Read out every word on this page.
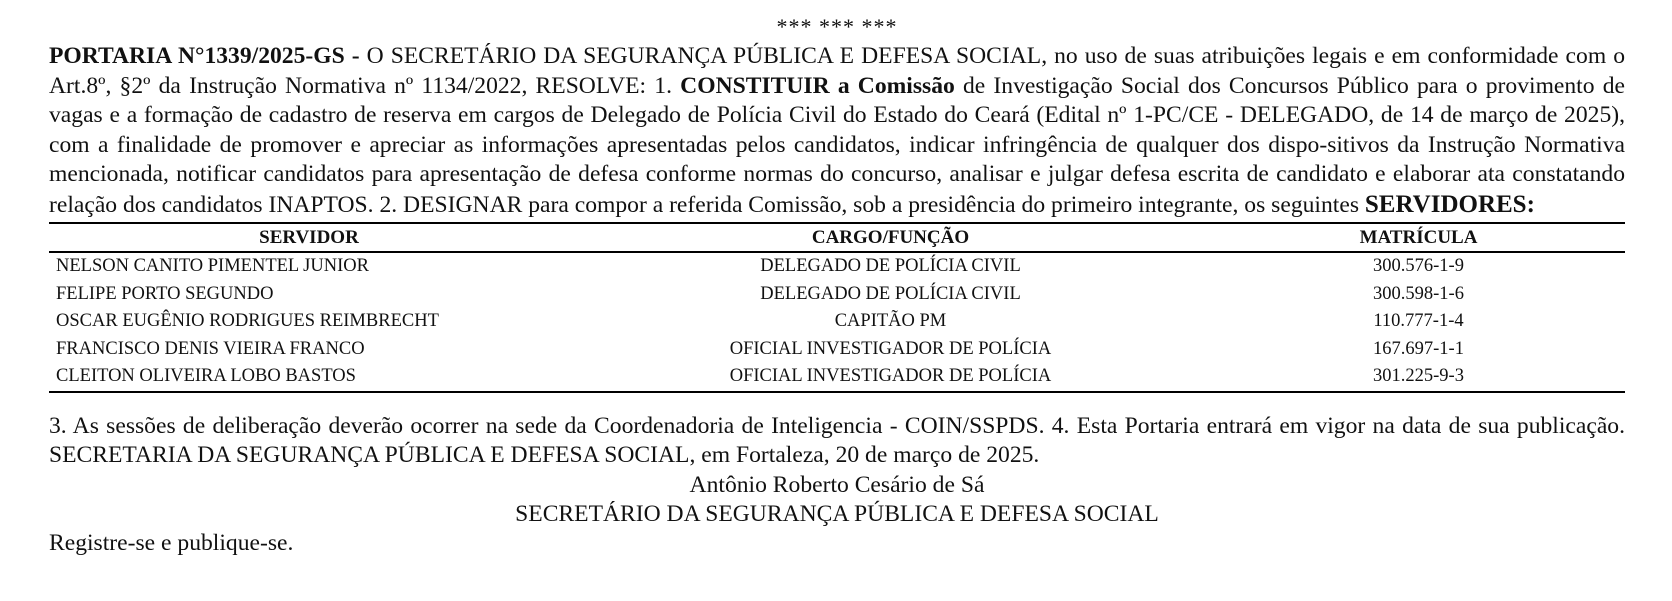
*** *** ***

PORTARIA N°1339/2025-GS - O SECRETÁRIO DA SEGURANÇA PÚBLICA E DEFESA SOCIAL, no uso de suas atribuições legais e em conformidade com o Art.8º, §2º da Instrução Normativa nº 1134/2022, RESOLVE: 1. CONSTITUIR a Comissão de Investigação Social dos Concursos Público para o provimento de vagas e a formação de cadastro de reserva em cargos de Delegado de Polícia Civil do Estado do Ceará (Edital nº 1-PC/CE - DELEGADO, de 14 de março de 2025), com a finalidade de promover e apreciar as informações apresentadas pelos candidatos, indicar infringência de qualquer dos dispo-sitivos da Instrução Normativa mencionada, notificar candidatos para apresentação de defesa conforme normas do concurso, analisar e julgar defesa escrita de candidato e elaborar ata constatando relação dos candidatos INAPTOS. 2. DESIGNAR para compor a referida Comissão, sob a presidência do primeiro integrante, os seguintes SERVIDORES:

SERVIDOR	CARGO/FUNÇÃO	MATRÍCULA
NELSON CANITO PIMENTEL JUNIOR	DELEGADO DE POLÍCIA CIVIL	300.576-1-9
FELIPE PORTO SEGUNDO	DELEGADO DE POLÍCIA CIVIL	300.598-1-6
OSCAR EUGÊNIO RODRIGUES REIMBRECHT	CAPITÃO PM	110.777-1-4
FRANCISCO DENIS VIEIRA FRANCO	OFICIAL INVESTIGADOR DE POLÍCIA	167.697-1-1
CLEITON OLIVEIRA LOBO BASTOS	OFICIAL INVESTIGADOR DE POLÍCIA	301.225-9-3

3. As sessões de deliberação deverão ocorrer na sede da Coordenadoria de Inteligencia - COIN/SSPDS. 4. Esta Portaria entrará em vigor na data de sua publicação. SECRETARIA DA SEGURANÇA PÚBLICA E DEFESA SOCIAL, em Fortaleza, 20 de março de 2025.

Antônio Roberto Cesário de Sá

SECRETÁRIO DA SEGURANÇA PÚBLICA E DEFESA SOCIAL

Registre-se e publique-se.
